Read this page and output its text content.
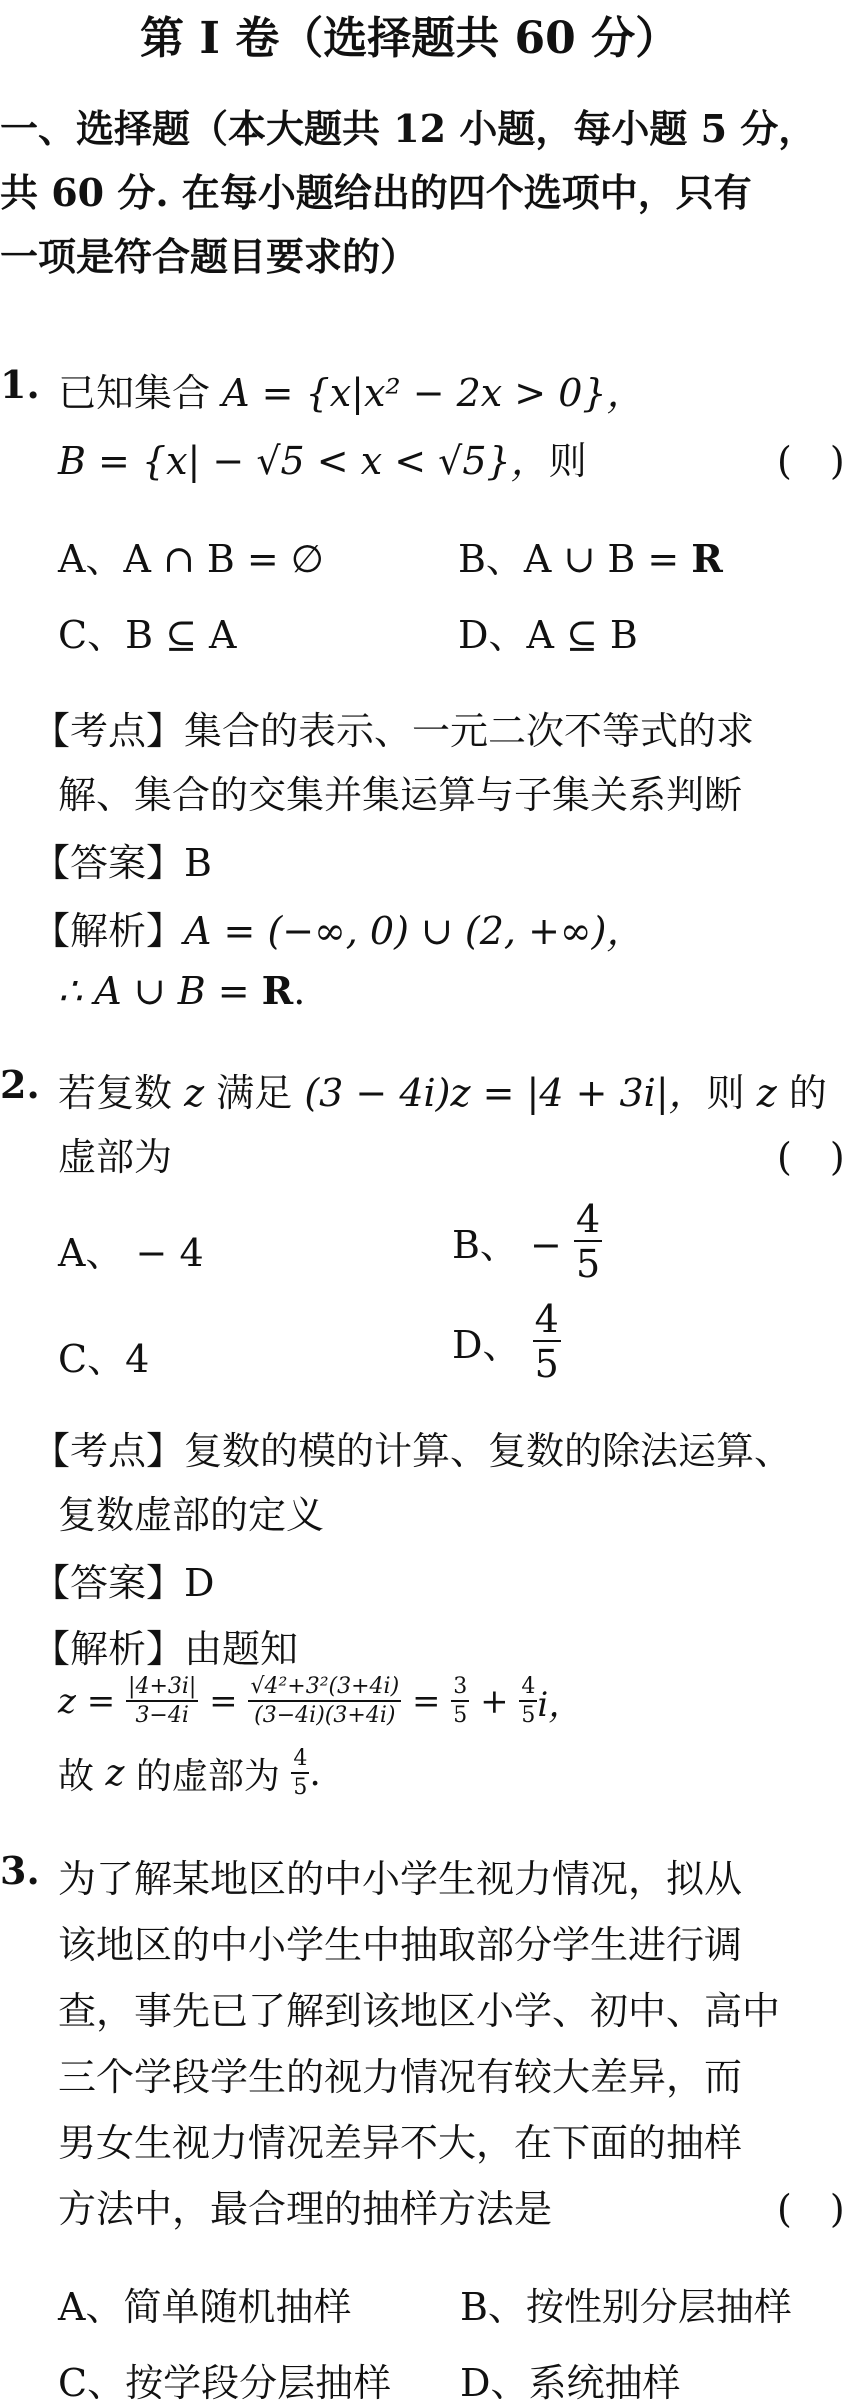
第 I 卷（选择题共 60 分）
一、选择题（本大题共 12 小题，每小题 5 分，
共 60 分. 在每小题给出的四个选项中，只有
一项是符合题目要求的）
1. 已知集合 A = {x|x² − 2x > 0}，
B = {x| − √5 < x < √5}，则	(　)
A、A ∩ B = ∅	B、A ∪ B = R
C、B ⊆ A	D、A ⊆ B
【考点】集合的表示、一元二次不等式的求
解、集合的交集并集运算与子集关系判断
【答案】B
【解析】A = (−∞, 0) ∪ (2, +∞)，
∴ A ∪ B = R.
2. 若复数 z 满足 (3 − 4i)z = |4 + 3i|，则 z 的
虚部为	(　)
A、 − 4	B、 − $\frac{4}{5}$
C、4	D、 $\frac{4}{5}$
【考点】复数的模的计算、复数的除法运算、
复数虚部的定义
【答案】D
【解析】由题知
$z = \frac{|4+3i|}{3-4i} = \frac{\text{√4²+3²(3+4i)}}{(3-4i)(3+4i)} = \frac{3}{5} + \frac{4}{5}$ i，
故 z 的虚部为 $\frac{4}{5}$ .
3. 为了解某地区的中小学生视力情况，拟从
该地区的中小学生中抽取部分学生进行调
查，事先已了解到该地区小学、初中、高中
三个学段学生的视力情况有较大差异，而
男女生视力情况差异不大，在下面的抽样
方法中，最合理的抽样方法是	(　)
A、简单随机抽样	B、按性别分层抽样
C、按学段分层抽样 D、系统抽样
